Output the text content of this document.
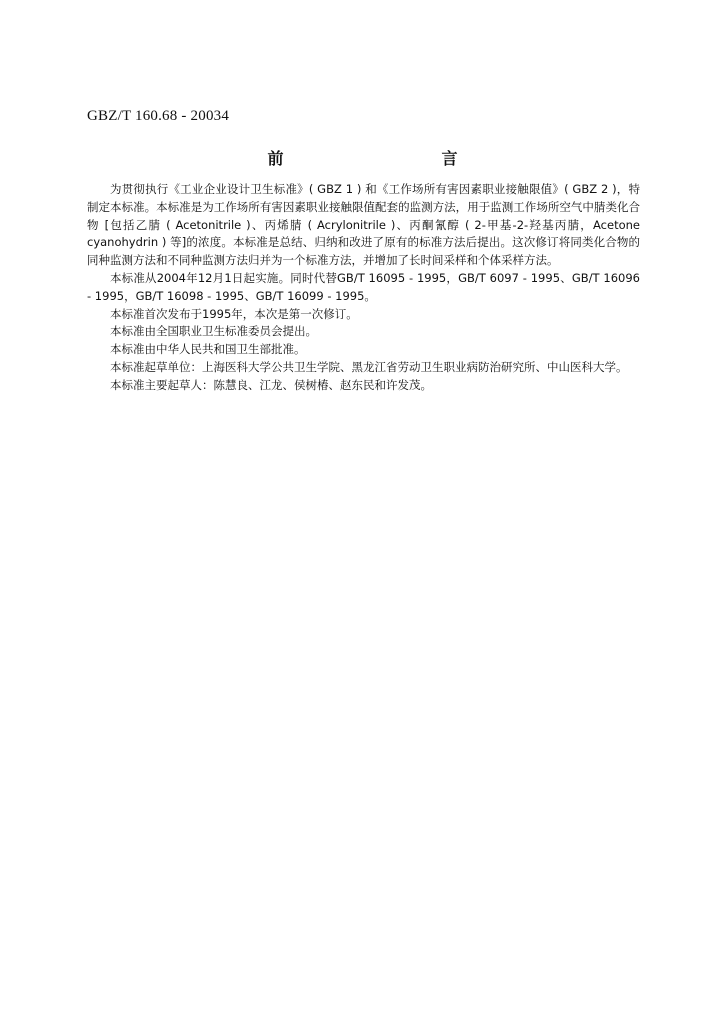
GBZ/T 160.68 - 20034
前　　言

为贯彻执行《工业企业设计卫生标准》( GBZ 1 ) 和《工作场所有害因素职业接触限值》( GBZ 2 )，特制定本标准。本标准是为工作场所有害因素职业接触限值配套的监测方法，用于监测工作场所空气中腈类化合物 [包括乙腈 ( Acetonitrile )、丙烯腈 ( Acrylonitrile )、丙酮氰醇 ( 2-甲基-2-羟基丙腈，Acetone cyanohydrin ) 等]的浓度。本标准是总结、归纳和改进了原有的标准方法后提出。这次修订将同类化合物的同种监测方法和不同种监测方法归并为一个标准方法，并增加了长时间采样和个体采样方法。

本标准从2004年12月1日起实施。同时代替GB/T 16095 - 1995，GB/T 6097 - 1995、GB/T 16096 - 1995，GB/T 16098 - 1995、GB/T 16099 - 1995。

本标准首次发布于1995年，本次是第一次修订。

本标准由全国职业卫生标准委员会提出。

本标准由中华人民共和国卫生部批准。

本标准起草单位：上海医科大学公共卫生学院、黑龙江省劳动卫生职业病防治研究所、中山医科大学。

本标准主要起草人：陈慧良、江龙、侯树椿、赵东民和许发茂。
